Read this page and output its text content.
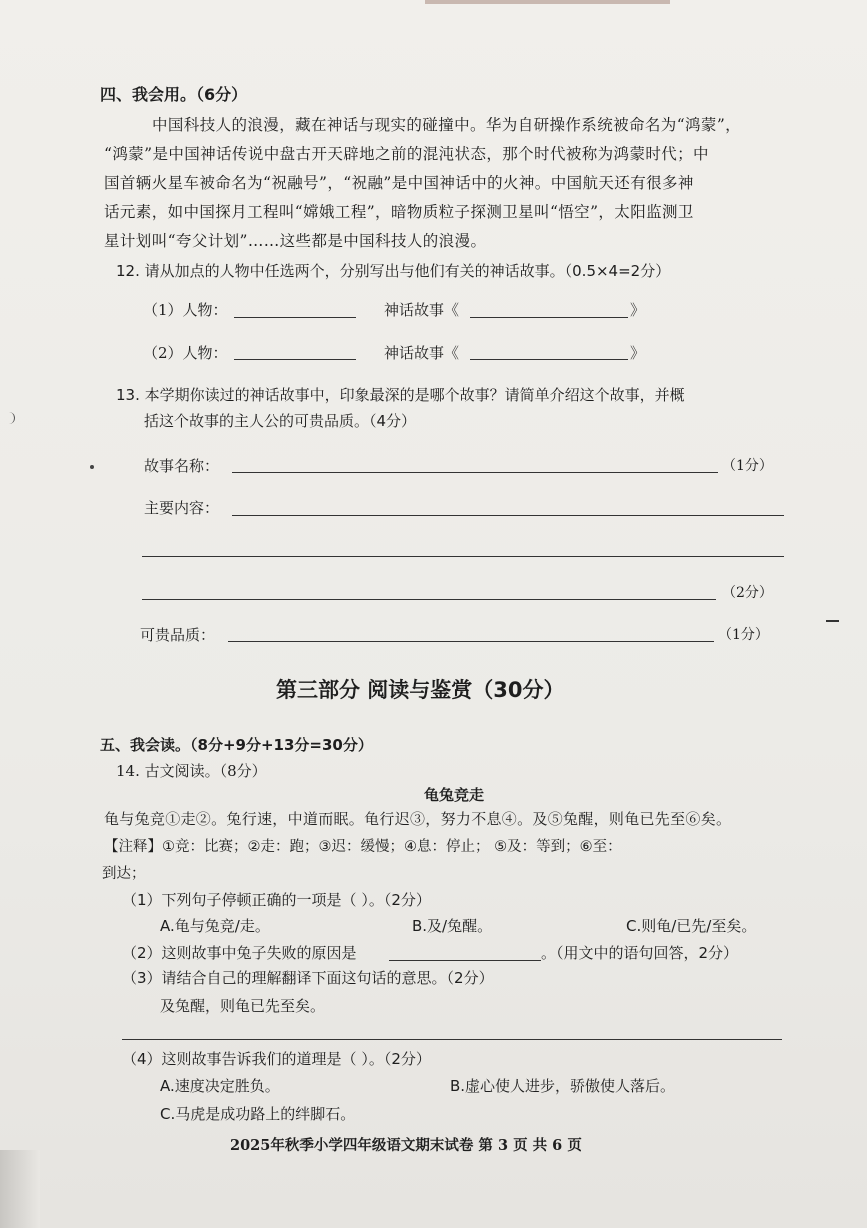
四、我会用。（6分）
中国科技人的浪漫，藏在神话与现实的碰撞中。华为自研操作系统被命名为“鸿蒙”，
“鸿蒙”是中国神话传说中盘古开天辟地之前的混沌状态，那个时代被称为鸿蒙时代；中
国首辆火星车被命名为“祝融号”，“祝融”是中国神话中的火神。中国航天还有很多神
话元素，如中国探月工程叫“嫦娥工程”，暗物质粒子探测卫星叫“悟空”，太阳监测卫
星计划叫“夸父计划”……这些都是中国科技人的浪漫。
12. 请从加点的人物中任选两个，分别写出与他们有关的神话故事。（0.5×4=2分）
（1）人物：	神话故事《	》
（2）人物：	神话故事《	》
13. 本学期你读过的神话故事中，印象最深的是哪个故事？请简单介绍这个故事，并概
括这个故事的主人公的可贵品质。（4分）
故事名称：	（1分）
主要内容：
（2分）
可贵品质：	（1分）
第三部分 阅读与鉴赏（30分）
五、我会读。（8分+9分+13分=30分）
14. 古文阅读。（8分）
龟兔竞走
龟与兔竞①走②。兔行速，中道而眠。龟行迟③，努力不息④。及⑤兔醒，则龟已先至⑥矣。
【注释】①竞：比赛；②走：跑；③迟：缓慢；④息：停止； ⑤及：等到；⑥至：
到达；
（1）下列句子停顿正确的一项是（ ）。（2分）
A.龟与兔竞/走。	B.及/兔醒。	C.则龟/已先/至矣。
（2）这则故事中兔子失败的原因是	。（用文中的语句回答，2分）
（3）请结合自己的理解翻译下面这句话的意思。（2分）
及兔醒，则龟已先至矣。
（4）这则故事告诉我们的道理是（ ）。（2分）
A.速度决定胜负。	B.虚心使人进步，骄傲使人落后。
C.马虎是成功路上的绊脚石。
2025年秋季小学四年级语文期末试卷 第 3 页 共 6 页
